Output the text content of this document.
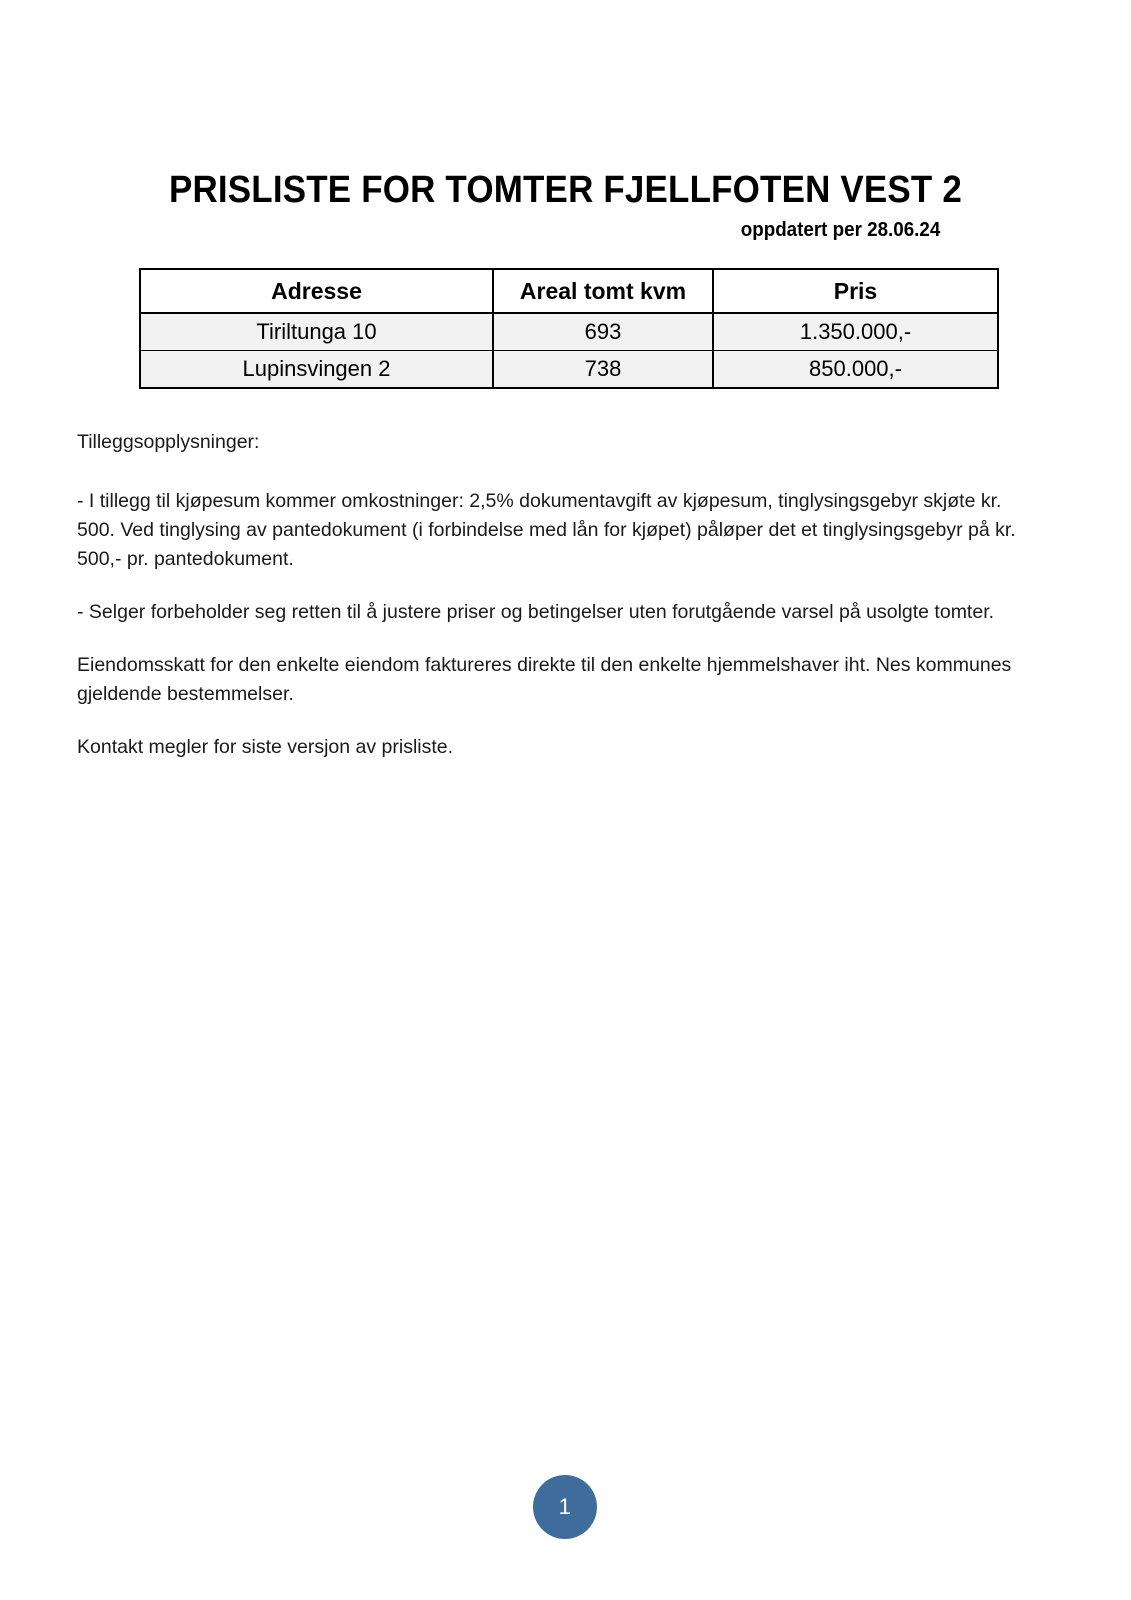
PRISLISTE FOR TOMTER FJELLFOTEN VEST 2
oppdatert per 28.06.24
Adresse	Areal tomt kvm	Pris
Tiriltunga 10	693	1.350.000,-
Lupinsvingen 2	738	850.000,-

Tilleggsopplysninger:

- I tillegg til kjøpesum kommer omkostninger: 2,5% dokumentavgift av kjøpesum, tinglysingsgebyr skjøte kr. 500. Ved tinglysing av pantedokument (i forbindelse med lån for kjøpet) påløper det et tinglysingsgebyr på kr. 500,- pr. pantedokument.

- Selger forbeholder seg retten til å justere priser og betingelser uten forutgående varsel på usolgte tomter.

Eiendomsskatt for den enkelte eiendom faktureres direkte til den enkelte hjemmelshaver iht. Nes kommunes gjeldende bestemmelser.

Kontakt megler for siste versjon av prisliste.

1
